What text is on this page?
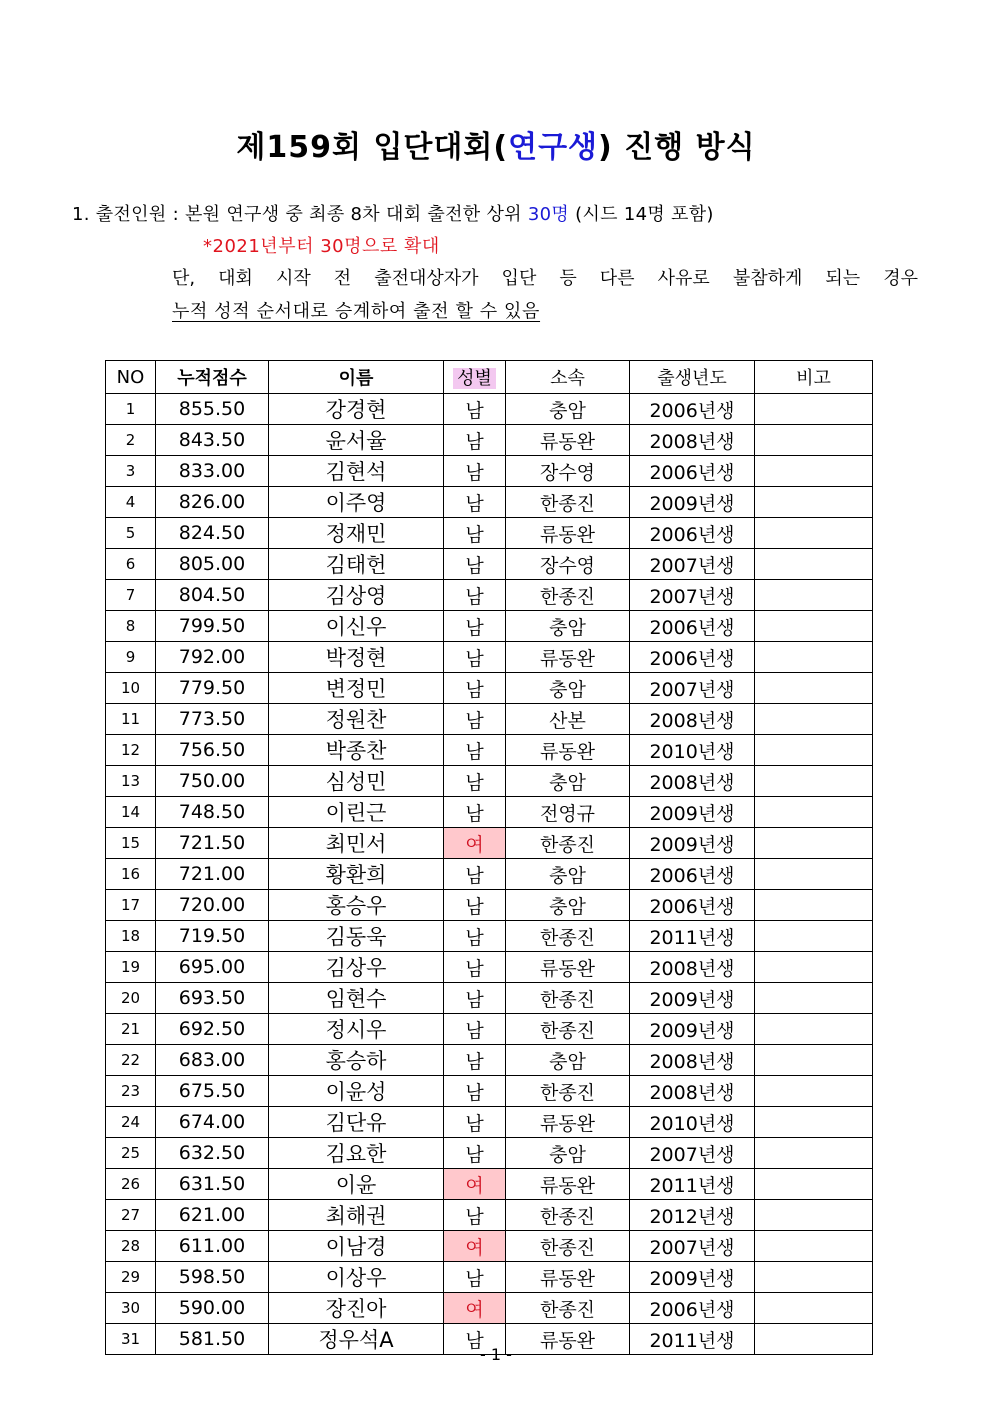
제159회 입단대회(연구생) 진행 방식
1. 출전인원 : 본원 연구생 중 최종 8차 대회 출전한 상위 30명 (시드 14명 포함)
*2021년부터 30명으로 확대
단, 대회 시작 전 출전대상자가 입단 등 다른 사유로 불참하게 되는 경우
누적 성적 순서대로 승계하여 출전 할 수 있음
NO	누적점수	이름	성별	소속	출생년도	비고
1	855.50	강경현	남	충암	2006년생	
2	843.50	윤서율	남	류동완	2008년생	
3	833.00	김현석	남	장수영	2006년생	
4	826.00	이주영	남	한종진	2009년생	
5	824.50	정재민	남	류동완	2006년생	
6	805.00	김태헌	남	장수영	2007년생	
7	804.50	김상영	남	한종진	2007년생	
8	799.50	이신우	남	충암	2006년생	
9	792.00	박정현	남	류동완	2006년생	
10	779.50	변정민	남	충암	2007년생	
11	773.50	정원찬	남	산본	2008년생	
12	756.50	박종찬	남	류동완	2010년생	
13	750.00	심성민	남	충암	2008년생	
14	748.50	이린근	남	전영규	2009년생	
15	721.50	최민서	여	한종진	2009년생	
16	721.00	황환희	남	충암	2006년생	
17	720.00	홍승우	남	충암	2006년생	
18	719.50	김동욱	남	한종진	2011년생	
19	695.00	김상우	남	류동완	2008년생	
20	693.50	임현수	남	한종진	2009년생	
21	692.50	정시우	남	한종진	2009년생	
22	683.00	홍승하	남	충암	2008년생	
23	675.50	이윤성	남	한종진	2008년생	
24	674.00	김단유	남	류동완	2010년생	
25	632.50	김요한	남	충암	2007년생	
26	631.50	이윤	여	류동완	2011년생	
27	621.00	최해권	남	한종진	2012년생	
28	611.00	이남경	여	한종진	2007년생	
29	598.50	이상우	남	류동완	2009년생	
30	590.00	장진아	여	한종진	2006년생	
31	581.50	정우석A	남	류동완	2011년생	
- 1 -
